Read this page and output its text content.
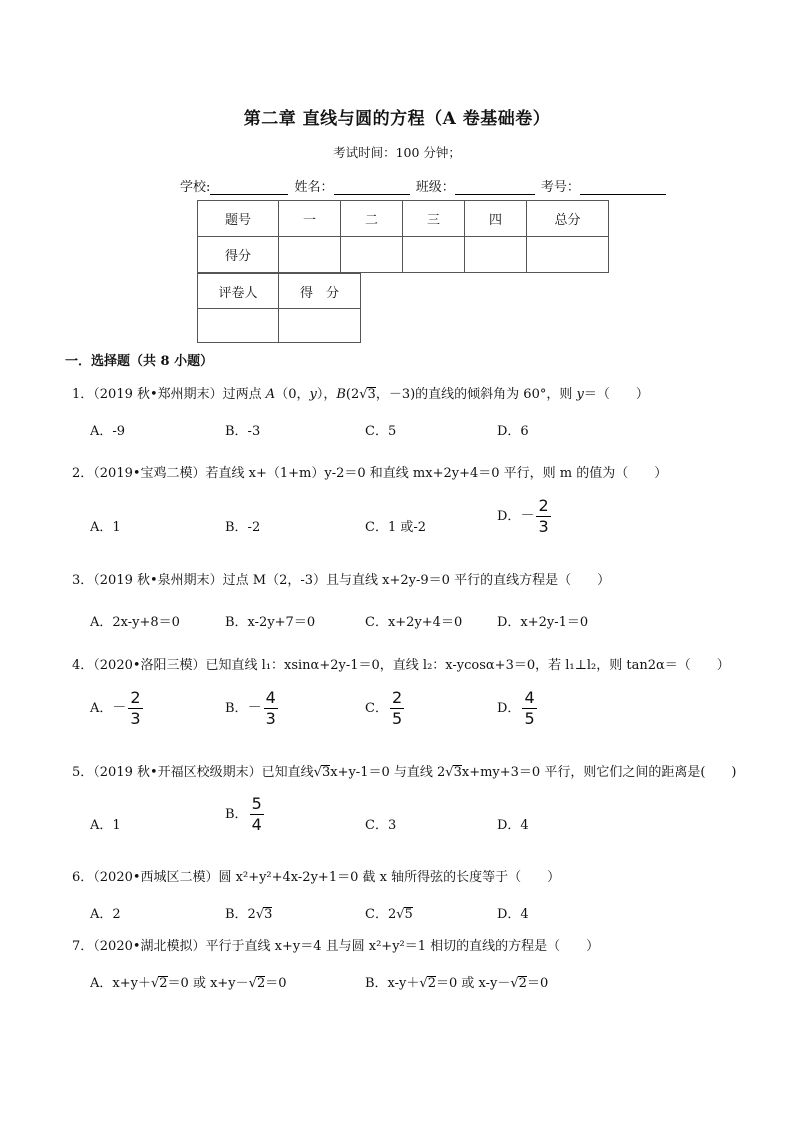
第二章 直线与圆的方程（A 卷基础卷）
考试时间：100 分钟；
学校:	姓名：	班级：	考号：
题号	一	二	三	四	总分
得分					
评卷人	得　分

一．选择题（共 8 小题）
1．（2019 秋•郑州期末）过两点 A（0，y），B(2√3，－3)的直线的倾斜角为 60°，则 y＝（　　）
A．-9	B．-3	C．5	D．6
2．（2019•宝鸡二模）若直线 x+（1+m）y-2＝0 和直线 mx+2y+4＝0 平行，则 m 的值为（　　）
A．1	B．-2	C．1 或-2
D．－ $\frac{2}{3}$
3．（2019 秋•泉州期末）过点 M（2，-3）且与直线 x+2y-9＝0 平行的直线方程是（　　）
A．2x-y+8＝0	B．x-2y+7＝0	C．x+2y+4＝0	D．x+2y-1＝0
4．（2020•洛阳三模）已知直线 l₁：xsinα+2y-1＝0，直线 l₂：x-ycosα+3＝0，若 l₁⊥l₂，则 tan2α＝（　　）
A．－ $\frac{2}{3}$	B．－ $\frac{4}{3}$	C． $\frac{2}{5}$	D． $\frac{4}{5}$
5．（2019 秋•开福区校级期末）已知直线√3x+y-1＝0 与直线 2√3x+my+3＝0 平行，则它们之间的距离是(　　)
A．1
B． $\frac{5}{4}$	C．3	D．4
6．（2020•西城区二模）圆 x²+y²+4x-2y+1＝0 截 x 轴所得弦的长度等于（　　）
A．2	B．2√3	C．2√5	D．4
7．（2020•湖北模拟）平行于直线 x+y＝4 且与圆 x²+y²＝1 相切的直线的方程是（　　）
A．x+y＋√2＝0 或 x+y－√2＝0	B．x-y＋√2＝0 或 x-y－√2＝0
